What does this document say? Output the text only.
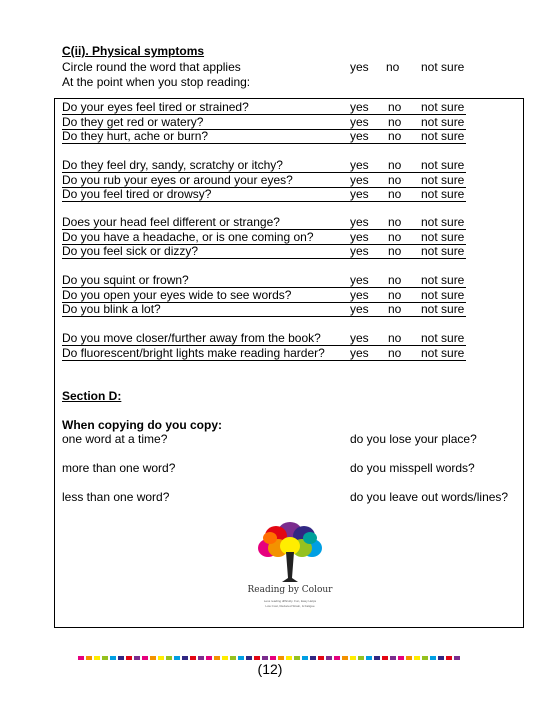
C(ii). Physical symptoms
Circle round the word that applies
At the point when you stop reading:
yes no not sure
Do your eyes feel tired or strained?	yes no not sure
Do they get red or watery?	yes no not sure
Do they hurt, ache or burn?	yes no not sure
Do they feel dry, sandy, scratchy or itchy?	yes no not sure
Do you rub your eyes or around your eyes?	yes no not sure
Do you feel tired or drowsy?	yes no not sure
Does your head feel different or strange?	yes no not sure
Do you have a headache, or is one coming on?	yes no not sure
Do you feel sick or dizzy?	yes no not sure
Do you squint or frown?	yes no not sure
Do you open your eyes wide to see words?	yes no not sure
Do you blink a lot?	yes no not sure
Do you move closer/further away from the book? yes no not sure
Do fluorescent/bright lights make reading harder? yes no not sure
Section D:
When copying do you copy:
one word at a time?	do you lose your place?
more than one word?	do you misspell words?
less than one word?	do you leave out words/lines?
Reading by Colour
Less reading difficulty. Fun, Easy Helps
Low Cost, Reduced Strain, & Fatigue
(12)
